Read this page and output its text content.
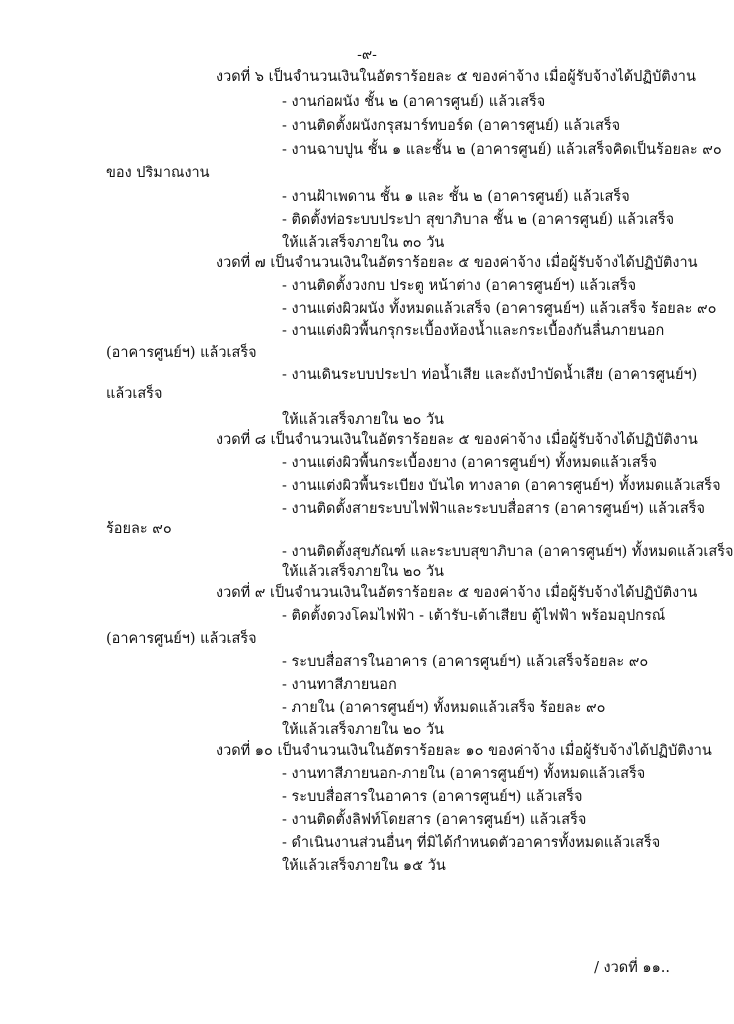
-๙-
งวดที่ ๖ เป็นจำนวนเงินในอัตราร้อยละ ๕ ของค่าจ้าง เมื่อผู้รับจ้างได้ปฏิบัติงาน
- งานก่อผนัง ชั้น ๒ (อาคารศูนย์) แล้วเสร็จ
- งานติดตั้งผนังกรุสมาร์ทบอร์ด (อาคารศูนย์) แล้วเสร็จ
- งานฉาบปูน ชั้น ๑ และชั้น ๒ (อาคารศูนย์) แล้วเสร็จคิดเป็นร้อยละ ๙๐
ของ ปริมาณงาน
- งานฝ้าเพดาน ชั้น ๑ และ ชั้น ๒ (อาคารศูนย์) แล้วเสร็จ
- ติดตั้งท่อระบบประปา สุขาภิบาล ชั้น ๒ (อาคารศูนย์) แล้วเสร็จ
ให้แล้วเสร็จภายใน ๓๐ วัน
งวดที่ ๗ เป็นจำนวนเงินในอัตราร้อยละ ๕ ของค่าจ้าง เมื่อผู้รับจ้างได้ปฏิบัติงาน
- งานติดตั้งวงกบ ประตู หน้าต่าง (อาคารศูนย์ฯ) แล้วเสร็จ
- งานแต่งผิวผนัง ทั้งหมดแล้วเสร็จ (อาคารศูนย์ฯ) แล้วเสร็จ ร้อยละ ๙๐
- งานแต่งผิวพื้นกรุกระเบื้องห้องน้ำและกระเบื้องกันลื่นภายนอก
(อาคารศูนย์ฯ) แล้วเสร็จ
- งานเดินระบบประปา ท่อน้ำเสีย และถังบำบัดน้ำเสีย (อาคารศูนย์ฯ)
แล้วเสร็จ
ให้แล้วเสร็จภายใน ๒๐ วัน
งวดที่ ๘ เป็นจำนวนเงินในอัตราร้อยละ ๕ ของค่าจ้าง เมื่อผู้รับจ้างได้ปฏิบัติงาน
- งานแต่งผิวพื้นกระเบื้องยาง (อาคารศูนย์ฯ) ทั้งหมดแล้วเสร็จ
- งานแต่งผิวพื้นระเบียง บันได ทางลาด (อาคารศูนย์ฯ) ทั้งหมดแล้วเสร็จ
- งานติดตั้งสายระบบไฟฟ้าและระบบสื่อสาร (อาคารศูนย์ฯ) แล้วเสร็จ
ร้อยละ ๙๐
- งานติดตั้งสุขภัณฑ์ และระบบสุขาภิบาล (อาคารศูนย์ฯ) ทั้งหมดแล้วเสร็จ
ให้แล้วเสร็จภายใน ๒๐ วัน
งวดที่ ๙ เป็นจำนวนเงินในอัตราร้อยละ ๕ ของค่าจ้าง เมื่อผู้รับจ้างได้ปฏิบัติงาน
- ติดตั้งดวงโคมไฟฟ้า - เต้ารับ-เต้าเสียบ ตู้ไฟฟ้า พร้อมอุปกรณ์
(อาคารศูนย์ฯ) แล้วเสร็จ
- ระบบสื่อสารในอาคาร (อาคารศูนย์ฯ) แล้วเสร็จร้อยละ ๙๐
- งานทาสีภายนอก
- ภายใน (อาคารศูนย์ฯ) ทั้งหมดแล้วเสร็จ ร้อยละ ๙๐
ให้แล้วเสร็จภายใน ๒๐ วัน
งวดที่ ๑๐ เป็นจำนวนเงินในอัตราร้อยละ ๑๐ ของค่าจ้าง เมื่อผู้รับจ้างได้ปฏิบัติงาน
- งานทาสีภายนอก-ภายใน (อาคารศูนย์ฯ) ทั้งหมดแล้วเสร็จ
- ระบบสื่อสารในอาคาร (อาคารศูนย์ฯ) แล้วเสร็จ
- งานติดตั้งลิฟท์โดยสาร (อาคารศูนย์ฯ) แล้วเสร็จ
- ดำเนินงานส่วนอื่นๆ ที่มิได้กำหนดตัวอาคารทั้งหมดแล้วเสร็จ
ให้แล้วเสร็จภายใน ๑๕ วัน
/ งวดที่ ๑๑..
